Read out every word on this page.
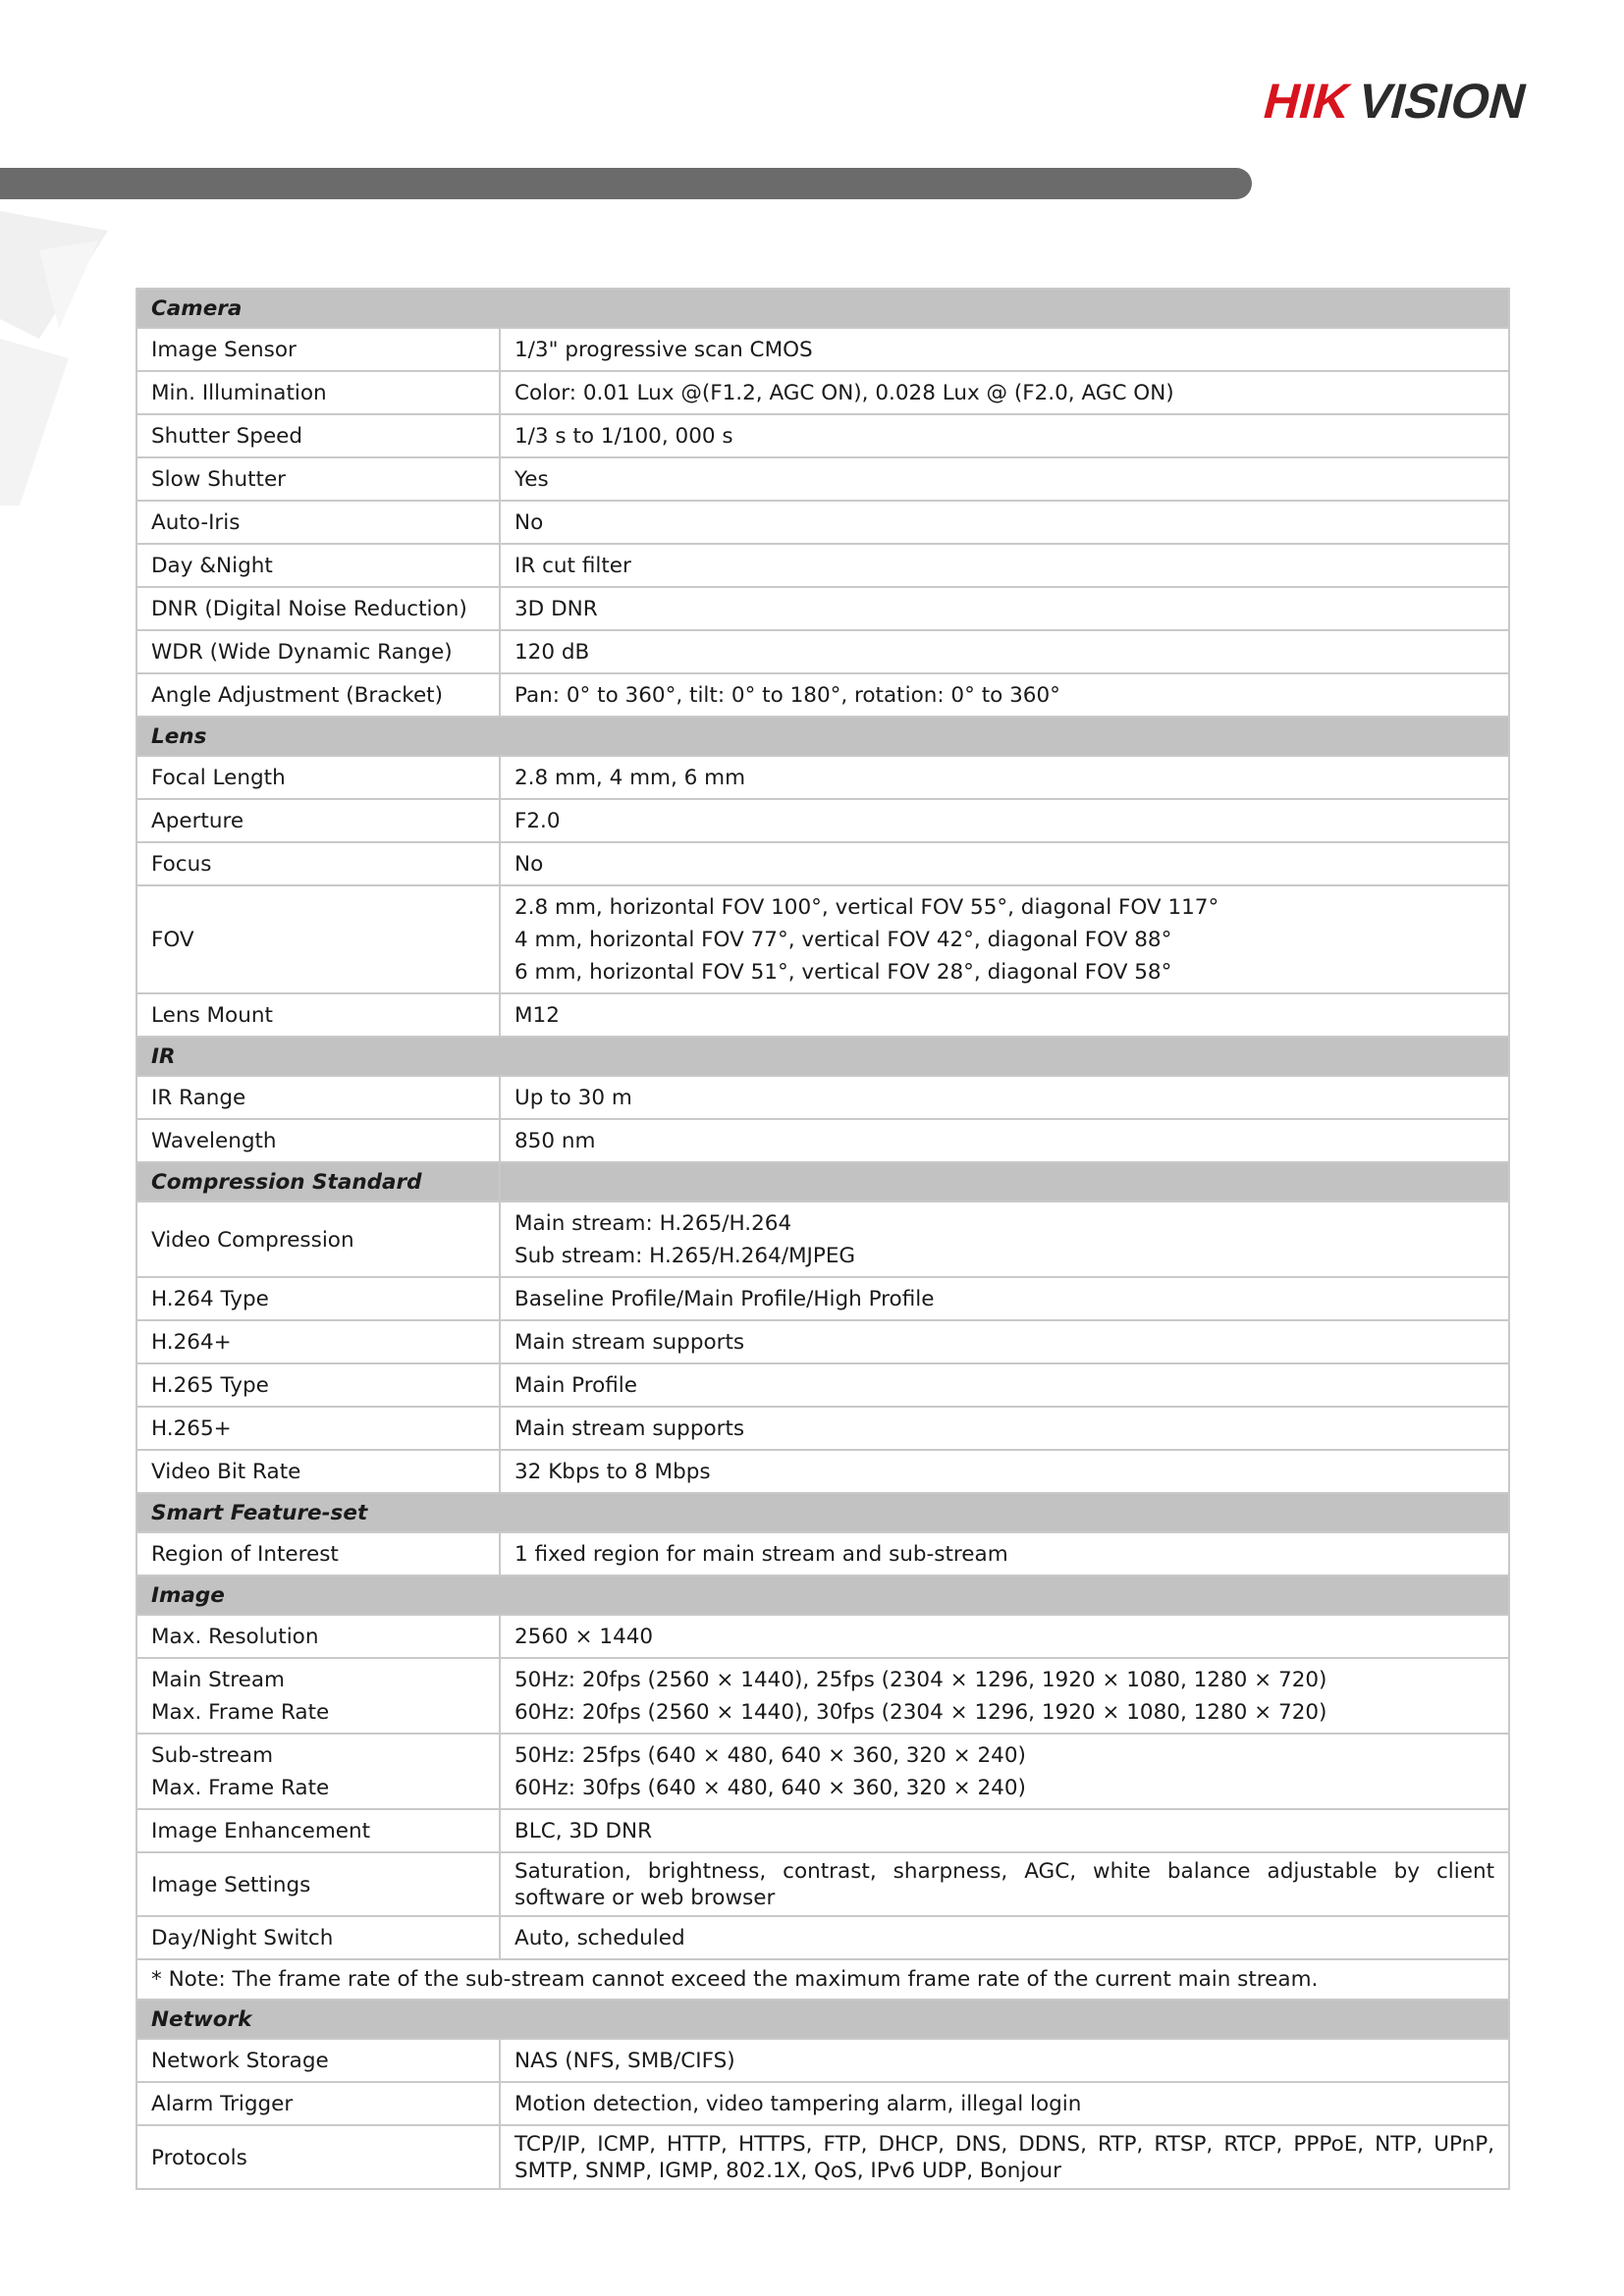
HIK
VISION
Camera	
Image Sensor	1/3" progressive scan CMOS
Min. Illumination	Color: 0.01 Lux @(F1.2, AGC ON), 0.028 Lux @ (F2.0, AGC ON)
Shutter Speed	1/3 s to 1/100, 000 s
Slow Shutter	Yes
Auto-Iris	No
Day &Night	IR cut filter
DNR (Digital Noise Reduction)	3D DNR
WDR (Wide Dynamic Range)	120 dB
Angle Adjustment (Bracket)	Pan: 0° to 360°, tilt: 0° to 180°, rotation: 0° to 360°
Lens	
Focal Length	2.8 mm, 4 mm, 6 mm
Aperture	F2.0
Focus	No
FOV	2.8 mm, horizontal FOV 100°, vertical FOV 55°, diagonal FOV 117°
4 mm, horizontal FOV 77°, vertical FOV 42°, diagonal FOV 88°
6 mm, horizontal FOV 51°, vertical FOV 28°, diagonal FOV 58°

Lens Mount	M12
IR	
IR Range	Up to 30 m
Wavelength	850 nm
Compression Standard	
Video Compression	Main stream: H.265/H.264
Sub stream: H.265/H.264/MJPEG

H.264 Type	Baseline Profile/Main Profile/High Profile
H.264+	Main stream supports
H.265 Type	Main Profile
H.265+	Main stream supports
Video Bit Rate	32 Kbps to 8 Mbps
Smart Feature-set	
Region of Interest	1 fixed region for main stream and sub-stream
Image	
Max. Resolution	2560 × 1440

Main Stream
Max. Frame Rate	50Hz: 20fps (2560 × 1440), 25fps (2304 × 1296, 1920 × 1080, 1280 × 720)
60Hz: 20fps (2560 × 1440), 30fps (2304 × 1296, 1920 × 1080, 1280 × 720)

Sub-stream
Max. Frame Rate	50Hz: 25fps (640 × 480, 640 × 360, 320 × 240)
60Hz: 30fps (640 × 480, 640 × 360, 320 × 240)

Image Enhancement	BLC, 3D DNR
Image Settings	Saturation, brightness, contrast, sharpness, AGC, white balance adjustable by client software or web browser
Day/Night Switch	Auto, scheduled
* Note: The frame rate of the sub-stream cannot exceed the maximum frame rate of the current main stream.	
Network	
Network Storage	NAS (NFS, SMB/CIFS)
Alarm Trigger	Motion detection, video tampering alarm, illegal login
Protocols	TCP/IP, ICMP, HTTP, HTTPS, FTP, DHCP, DNS, DDNS, RTP, RTSP, RTCP, PPPoE, NTP, UPnP, SMTP, SNMP, IGMP, 802.1X, QoS, IPv6 UDP, Bonjour
